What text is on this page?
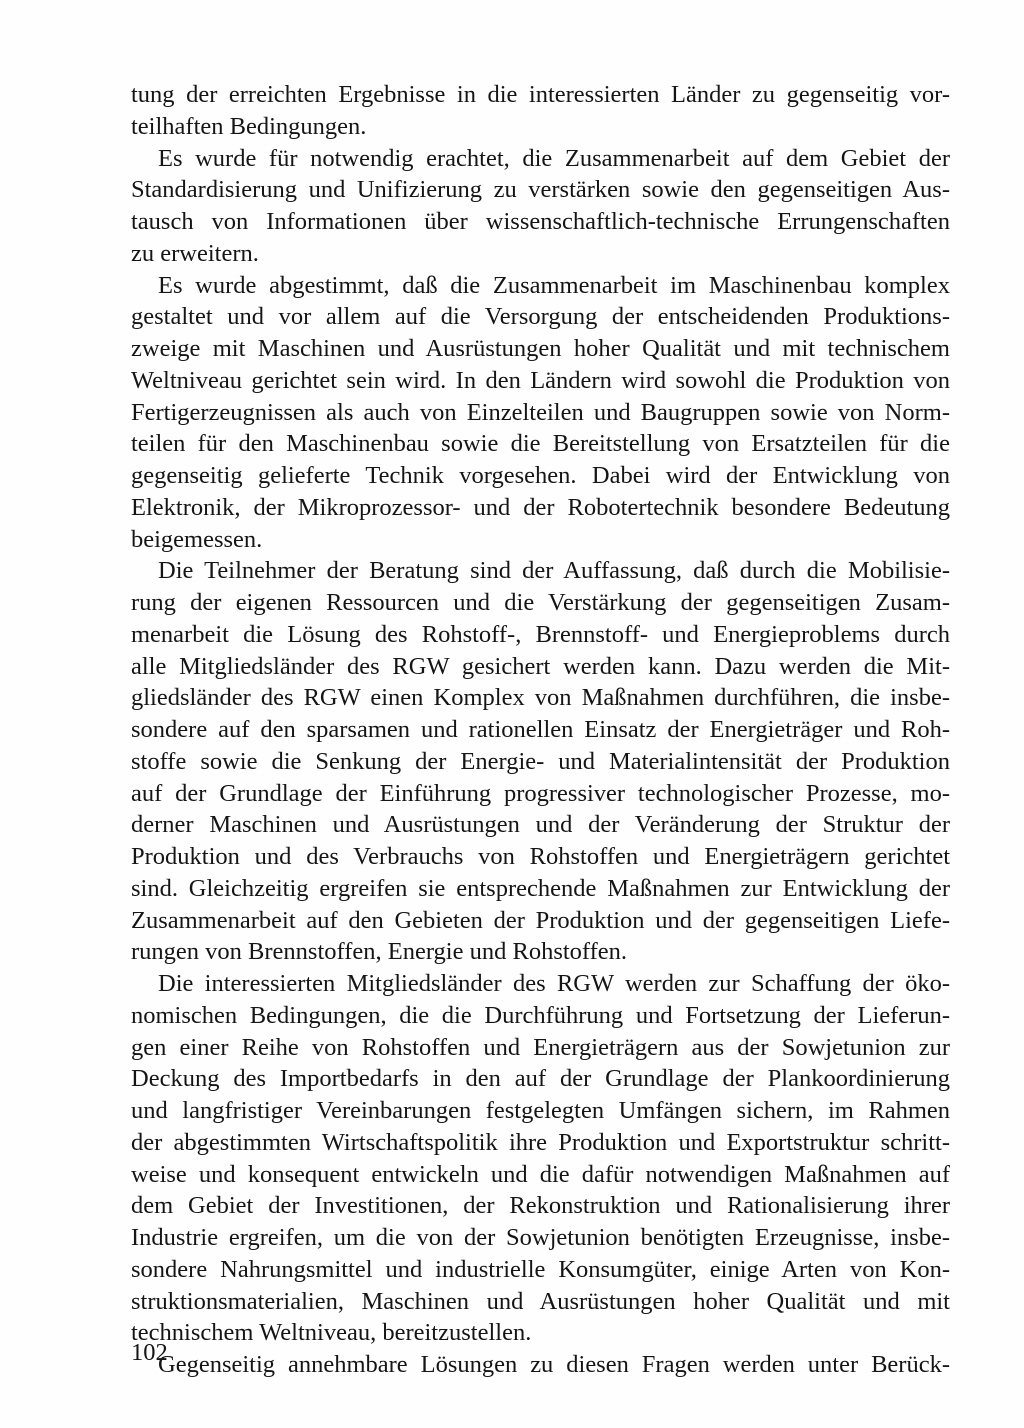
tung der erreichten Ergebnisse in die interessierten Länder zu gegenseitig vor-
teilhaften Bedingungen.
Es wurde für notwendig erachtet, die Zusammenarbeit auf dem Gebiet der
Standardisierung und Unifizierung zu verstärken sowie den gegenseitigen Aus-
tausch von Informationen über wissenschaftlich-technische Errungenschaften
zu erweitern.
Es wurde abgestimmt, daß die Zusammenarbeit im Maschinenbau komplex
gestaltet und vor allem auf die Versorgung der entscheidenden Produktions-
zweige mit Maschinen und Ausrüstungen hoher Qualität und mit technischem
Weltniveau gerichtet sein wird. In den Ländern wird sowohl die Produktion von
Fertigerzeugnissen als auch von Einzelteilen und Baugruppen sowie von Norm-
teilen für den Maschinenbau sowie die Bereitstellung von Ersatzteilen für die
gegenseitig gelieferte Technik vorgesehen. Dabei wird der Entwicklung von
Elektronik, der Mikroprozessor- und der Robotertechnik besondere Bedeutung
beigemessen.
Die Teilnehmer der Beratung sind der Auffassung, daß durch die Mobilisie-
rung der eigenen Ressourcen und die Verstärkung der gegenseitigen Zusam-
menarbeit die Lösung des Rohstoff-, Brennstoff- und Energieproblems durch
alle Mitgliedsländer des RGW gesichert werden kann. Dazu werden die Mit-
gliedsländer des RGW einen Komplex von Maßnahmen durchführen, die insbe-
sondere auf den sparsamen und rationellen Einsatz der Energieträger und Roh-
stoffe sowie die Senkung der Energie- und Materialintensität der Produktion
auf der Grundlage der Einführung progressiver technologischer Prozesse, mo-
derner Maschinen und Ausrüstungen und der Veränderung der Struktur der
Produktion und des Verbrauchs von Rohstoffen und Energieträgern gerichtet
sind. Gleichzeitig ergreifen sie entsprechende Maßnahmen zur Entwicklung der
Zusammenarbeit auf den Gebieten der Produktion und der gegenseitigen Liefe-
rungen von Brennstoffen, Energie und Rohstoffen.
Die interessierten Mitgliedsländer des RGW werden zur Schaffung der öko-
nomischen Bedingungen, die die Durchführung und Fortsetzung der Lieferun-
gen einer Reihe von Rohstoffen und Energieträgern aus der Sowjetunion zur
Deckung des Importbedarfs in den auf der Grundlage der Plankoordinierung
und langfristiger Vereinbarungen festgelegten Umfängen sichern, im Rahmen
der abgestimmten Wirtschaftspolitik ihre Produktion und Exportstruktur schritt-
weise und konsequent entwickeln und die dafür notwendigen Maßnahmen auf
dem Gebiet der Investitionen, der Rekonstruktion und Rationalisierung ihrer
Industrie ergreifen, um die von der Sowjetunion benötigten Erzeugnisse, insbe-
sondere Nahrungsmittel und industrielle Konsumgüter, einige Arten von Kon-
struktionsmaterialien, Maschinen und Ausrüstungen hoher Qualität und mit
technischem Weltniveau, bereitzustellen.
Gegenseitig annehmbare Lösungen zu diesen Fragen werden unter Berück-
102
